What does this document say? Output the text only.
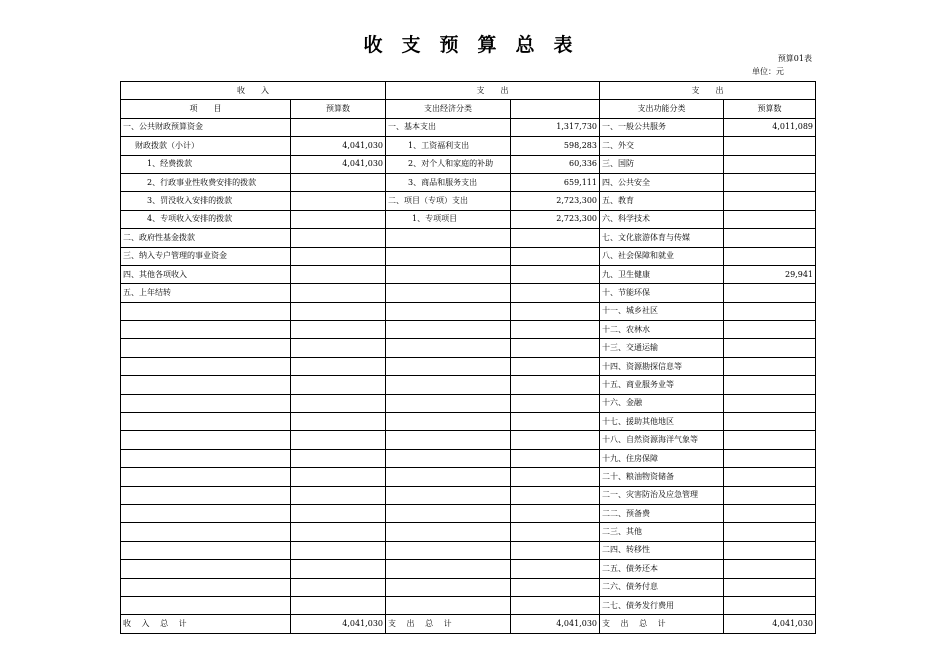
收支预算总表
预算01表
单位：元
收　　入		支　　出		支　　出	
项　　目	预算数	支出经济分类		支出功能分类	预算数
一、公共财政预算资金		一、基本支出	1,317,730	一、一般公共服务	4,011,089
财政拨款（小计）	4,041,030	1、工资福利支出	598,283	二、外交	
1、经费拨款	4,041,030	2、对个人和家庭的补助	60,336	三、国防	
2、行政事业性收费安排的拨款		3、商品和服务支出	659,111	四、公共安全	
3、罚没收入安排的拨款		二、项目（专项）支出	2,723,300	五、教育	
4、专项收入安排的拨款		1、专项项目	2,723,300	六、科学技术	
二、政府性基金拨款				七、文化旅游体育与传媒	
三、纳入专户管理的事业资金				八、社会保障和就业	
四、其他各项收入				九、卫生健康	29,941
五、上年结转				十、节能环保	
				十一、城乡社区	
				十二、农林水	
				十三、交通运输	
				十四、资源勘探信息等	
				十五、商业服务业等	
				十六、金融	
				十七、援助其他地区	
				十八、自然资源海洋气象等	
				十九、住房保障	
				二十、粮油物资储备	
				二一、灾害防治及应急管理	
				二二、预备费	
				二三、其他	
				二四、转移性	
				二五、债务还本	
				二六、债务付息	
				二七、债务发行费用	
收 入 总 计	4,041,030	支 出 总 计	4,041,030	支 出 总 计	4,041,030
